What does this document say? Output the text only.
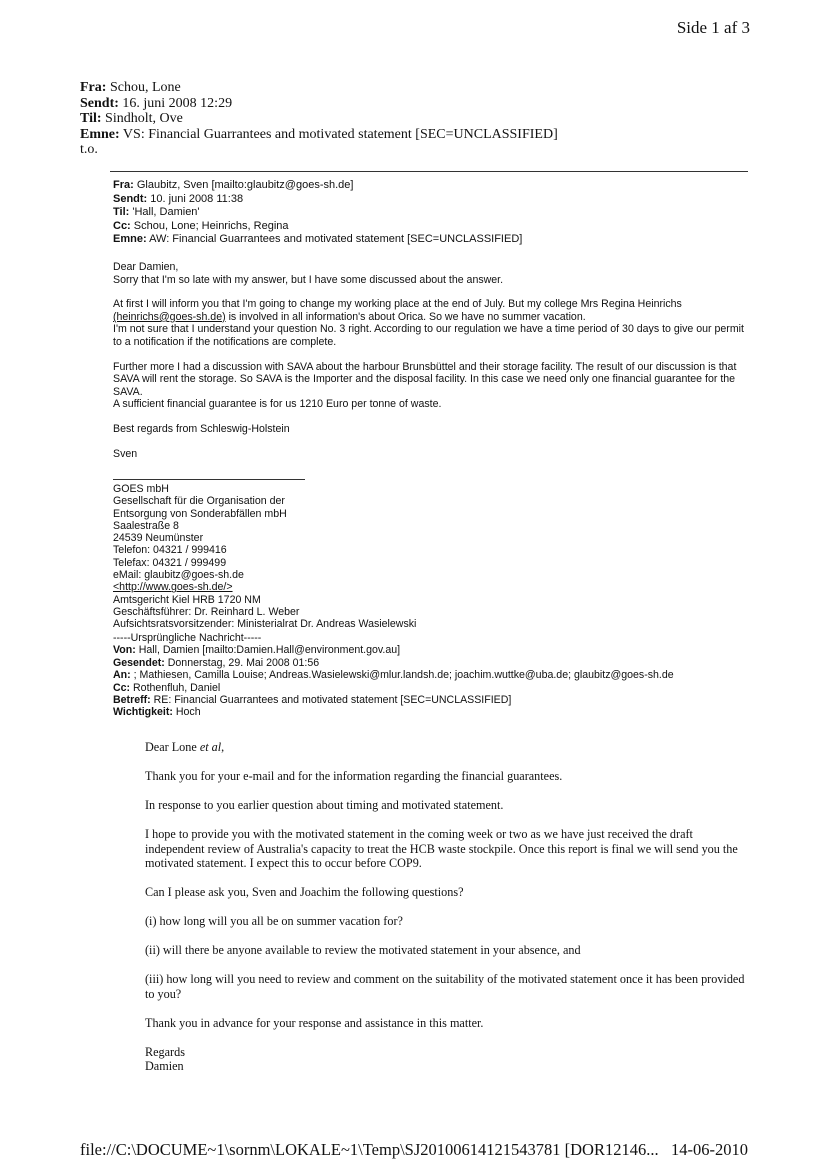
Side 1 af 3
Fra: Schou, Lone
Sendt: 16. juni 2008 12:29
Til: Sindholt, Ove
Emne: VS: Financial Guarrantees and motivated statement [SEC=UNCLASSIFIED]
t.o.
Fra: Glaubitz, Sven [mailto:glaubitz@goes-sh.de]
Sendt: 10. juni 2008 11:38
Til: 'Hall, Damien'
Cc: Schou, Lone; Heinrichs, Regina
Emne: AW: Financial Guarrantees and motivated statement [SEC=UNCLASSIFIED]

Dear Damien,
Sorry that I'm so late with my answer, but I have some discussed about the answer.

At first I will inform you that I'm going to change my working place at the end of July. But my college Mrs Regina Heinrichs
(heinrichs@goes-sh.de) is involved in all information's about Orica. So we have no summer vacation.
I'm not sure that I understand your question No. 3 right. According to our regulation we have a time period of 30 days to give our permit to a notification if the notifications are complete.

Further more I had a discussion with SAVA about the harbour Brunsbüttel and their storage facility. The result of our discussion is that SAVA will rent the storage. So SAVA is the Importer and the disposal facility. In this case we need only one financial guarantee for the SAVA.
A sufficient financial guarantee is for us 1210 Euro per tonne of waste.

Best regards from Schleswig-Holstein

Sven

GOES mbH
Gesellschaft für die Organisation der
Entsorgung von Sonderabfällen mbH
Saalestraße 8
24539 Neumünster
Telefon: 04321 / 999416
Telefax: 04321 / 999499
eMail: glaubitz@goes-sh.de
<http://www.goes-sh.de/>
Amtsgericht Kiel HRB 1720 NM
Geschäftsführer: Dr. Reinhard L. Weber
Aufsichtsratsvorsitzender: Ministerialrat Dr. Andreas Wasielewski
-----Ursprüngliche Nachricht-----
Von: Hall, Damien [mailto:Damien.Hall@environment.gov.au]
Gesendet: Donnerstag, 29. Mai 2008 01:56
An: ; Mathiesen, Camilla Louise; Andreas.Wasielewski@mlur.landsh.de; joachim.wuttke@uba.de; glaubitz@goes-sh.de
Cc: Rothenfluh, Daniel
Betreff: RE: Financial Guarrantees and motivated statement [SEC=UNCLASSIFIED]
Wichtigkeit: Hoch

Dear Lone et al,

Thank you for your e-mail and for the information regarding the financial guarantees.

In response to you earlier question about timing and motivated statement.

I hope to provide you with the motivated statement in the coming week or two as we have just received the draft independent review of Australia's capacity to treat the HCB waste stockpile. Once this report is final we will send you the motivated statement. I expect this to occur before COP9.

Can I please ask you, Sven and Joachim the following questions?

(i) how long will you all be on summer vacation for?

(ii) will there be anyone available to review the motivated statement in your absence, and

(iii) how long will you need to review and comment on the suitability of the motivated statement once it has been provided to you?

Thank you in advance for your response and assistance in this matter.

Regards
Damien

file://C:\DOCUME~1\sornm\LOKALE~1\Temp\SJ20100614121543781 [DOR12146... 14-06-2010
